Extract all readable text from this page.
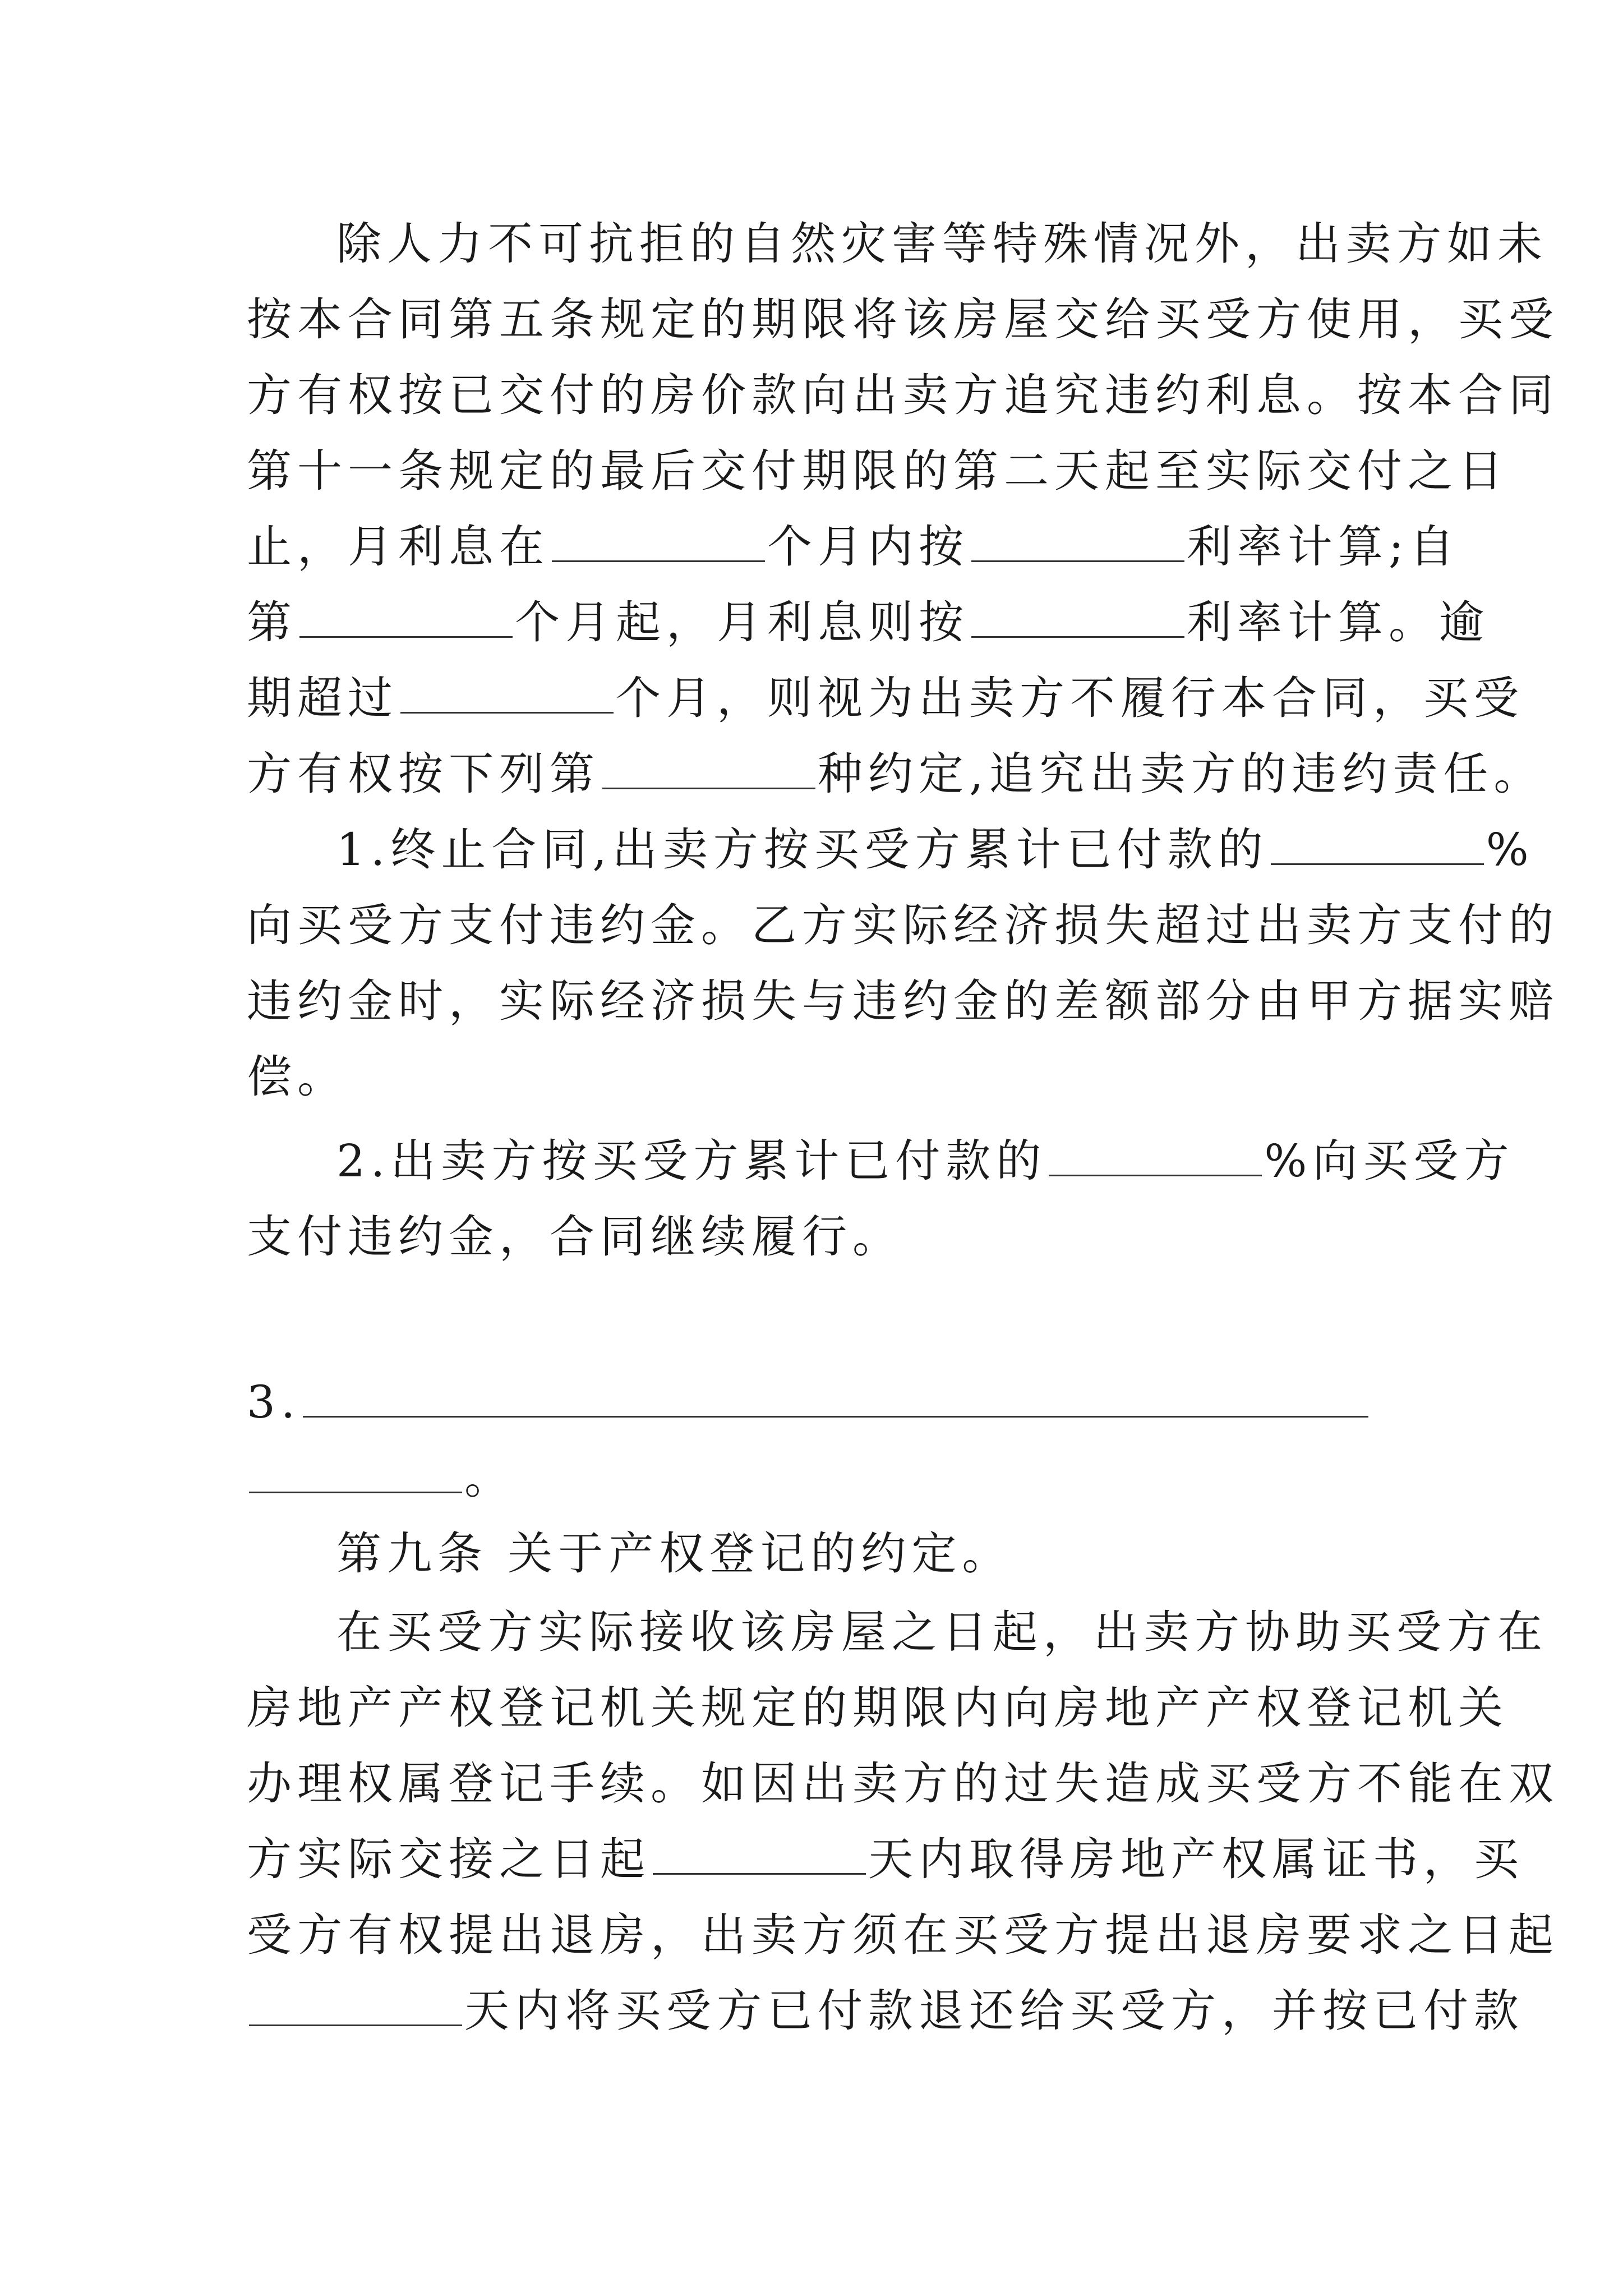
除人力不可抗拒的自然灾害等特殊情况外，出卖方如未
按本合同第五条规定的期限将该房屋交给买受方使用，买受
方有权按已交付的房价款向出卖方追究违约利息。按本合同
第十一条规定的最后交付期限的第二天起至实际交付之日
止，月利息在	个月内按	利率计算;自
第	个月起，月利息则按	利率计算。逾
期超过	个月，则视为出卖方不履行本合同，买受
方有权按下列第	种约定,追究出卖方的违约责任。
1.终止合同,出卖方按买受方累计已付款的	%
向买受方支付违约金。乙方实际经济损失超过出卖方支付的
违约金时，实际经济损失与违约金的差额部分由甲方据实赔
偿。
2.出卖方按买受方累计已付款的	%向买受方
支付违约金，合同继续履行。
3.
。
第九条 关于产权登记的约定。
在买受方实际接收该房屋之日起，出卖方协助买受方在
房地产产权登记机关规定的期限内向房地产产权登记机关
办理权属登记手续。如因出卖方的过失造成买受方不能在双
方实际交接之日起	天内取得房地产权属证书，买
受方有权提出退房，出卖方须在买受方提出退房要求之日起
天内将买受方已付款退还给买受方，并按已付款
